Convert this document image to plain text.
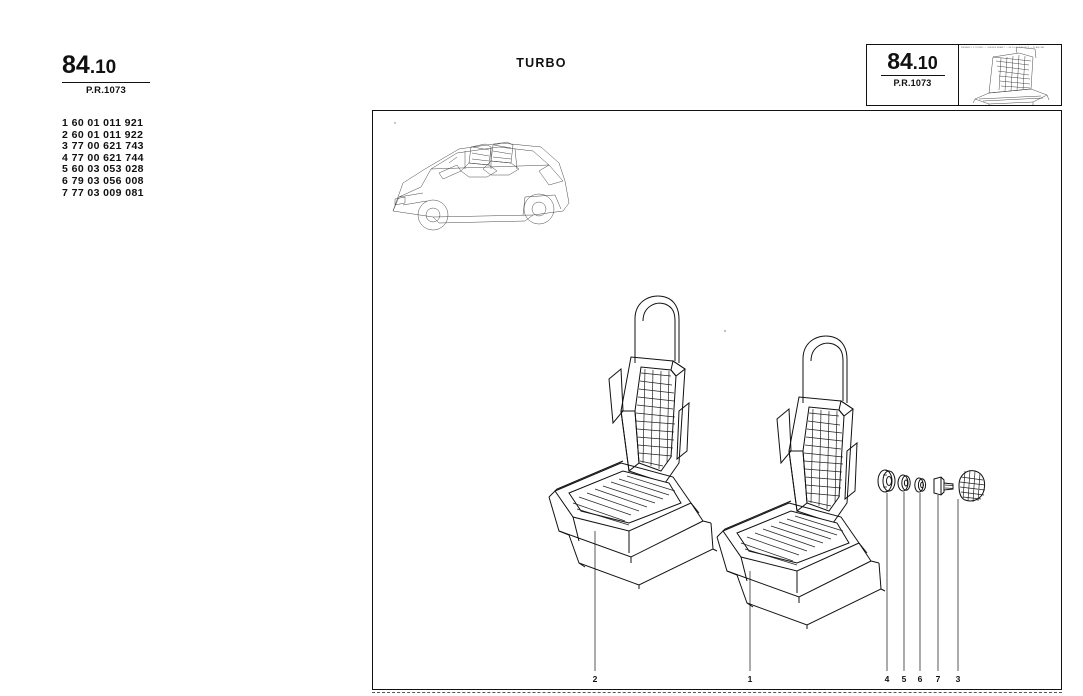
84.10
P.R.1073
1 60 01 011 921
2 60 01 011 922
3 77 00 621 743
4 77 00 621 744
5 60 03 053 028
6 79 03 056 008
7 77 03 009 081
TURBO	84.10
P.R.1073
RENAULT 5 TURBO — SIEGES AVANT — 84.10 — P.R.1073 — PLANCHE
2	1	4 5 6 7 3
